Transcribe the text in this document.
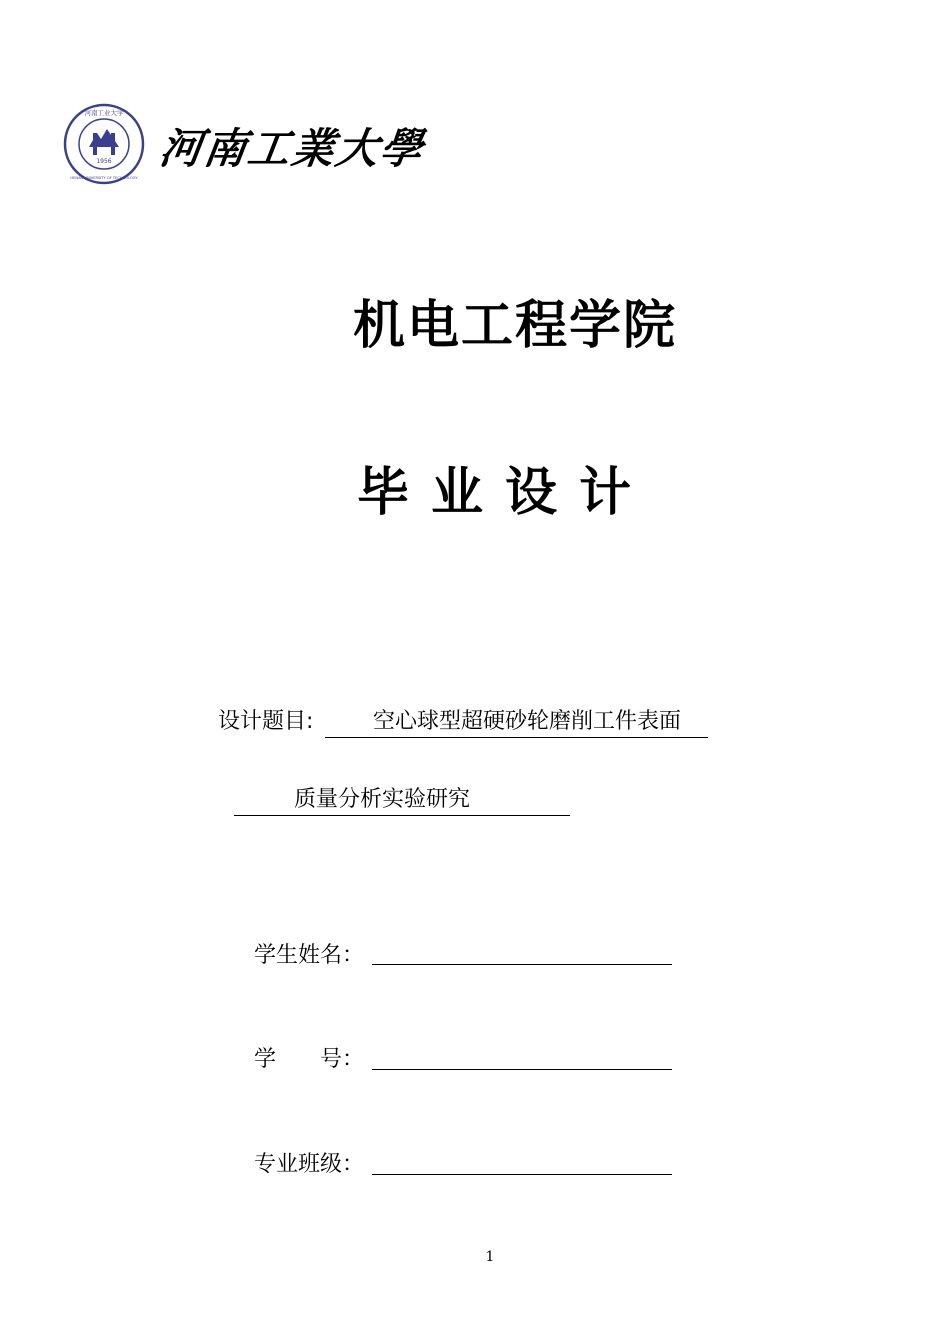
1956
河南工业大学
HENAN UNIVERSITY OF TECHNOLOGY
河南工業大學
机电工程学院
毕业设计
设计题目:	空心球型超硬砂轮磨削工件表面
质量分析实验研究
学生姓名：
学　　号：
专业班级：
1
